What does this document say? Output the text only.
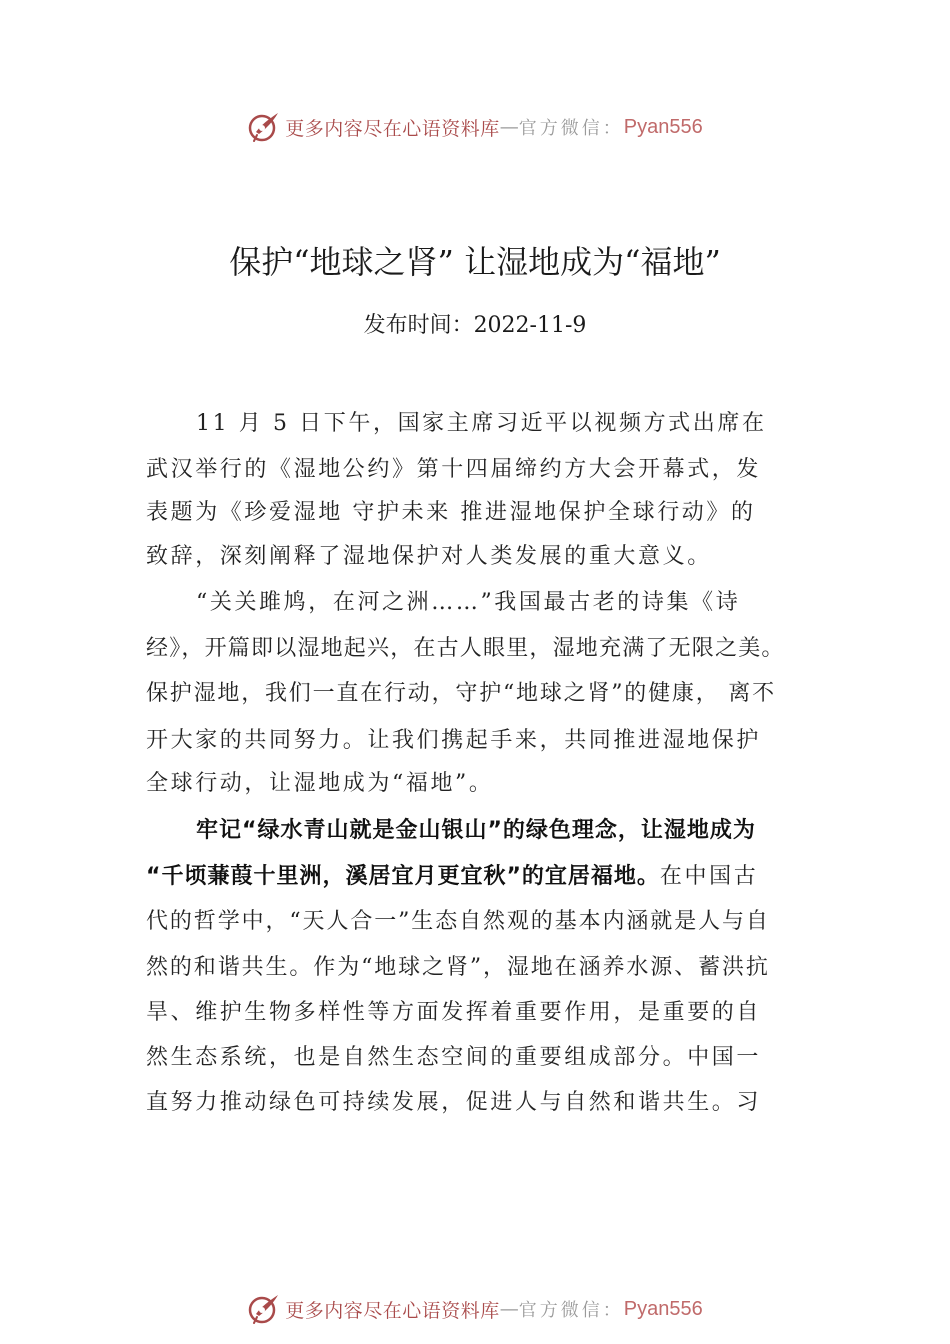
更多内容尽在心语资料库 — 官方微信： Pyan556
保护“地球之肾” 让湿地成为“福地”
发布时间：2022-11-9

11 月 5 日下午，国家主席习近平以视频方式出席在

武汉举行的《湿地公约》第十四届缔约方大会开幕式，发

表题为《珍爱湿地 守护未来 推进湿地保护全球行动》的

致辞，深刻阐释了湿地保护对人类发展的重大意义。

“关关雎鸠，在河之洲……”我国最古老的诗集《诗

经》，开篇即以湿地起兴，在古人眼里，湿地充满了无限之美。

保护湿地，我们一直在行动，守护“地球之肾”的健康， 离不

开大家的共同努力。让我们携起手来，共同推进湿地保护

全球行动，让湿地成为“福地”。

牢记“绿水青山就是金山银山”的绿色理念，让湿地成为

“千顷蒹葭十里洲，溪居宜月更宜秋”的宜居福地。在中国古

代的哲学中，“天人合一”生态自然观的基本内涵就是人与自

然的和谐共生。作为“地球之肾”，湿地在涵养水源、蓄洪抗

旱、维护生物多样性等方面发挥着重要作用，是重要的自

然生态系统，也是自然生态空间的重要组成部分。中国一

直努力推动绿色可持续发展，促进人与自然和谐共生。习

更多内容尽在心语资料库 — 官方微信： Pyan556
